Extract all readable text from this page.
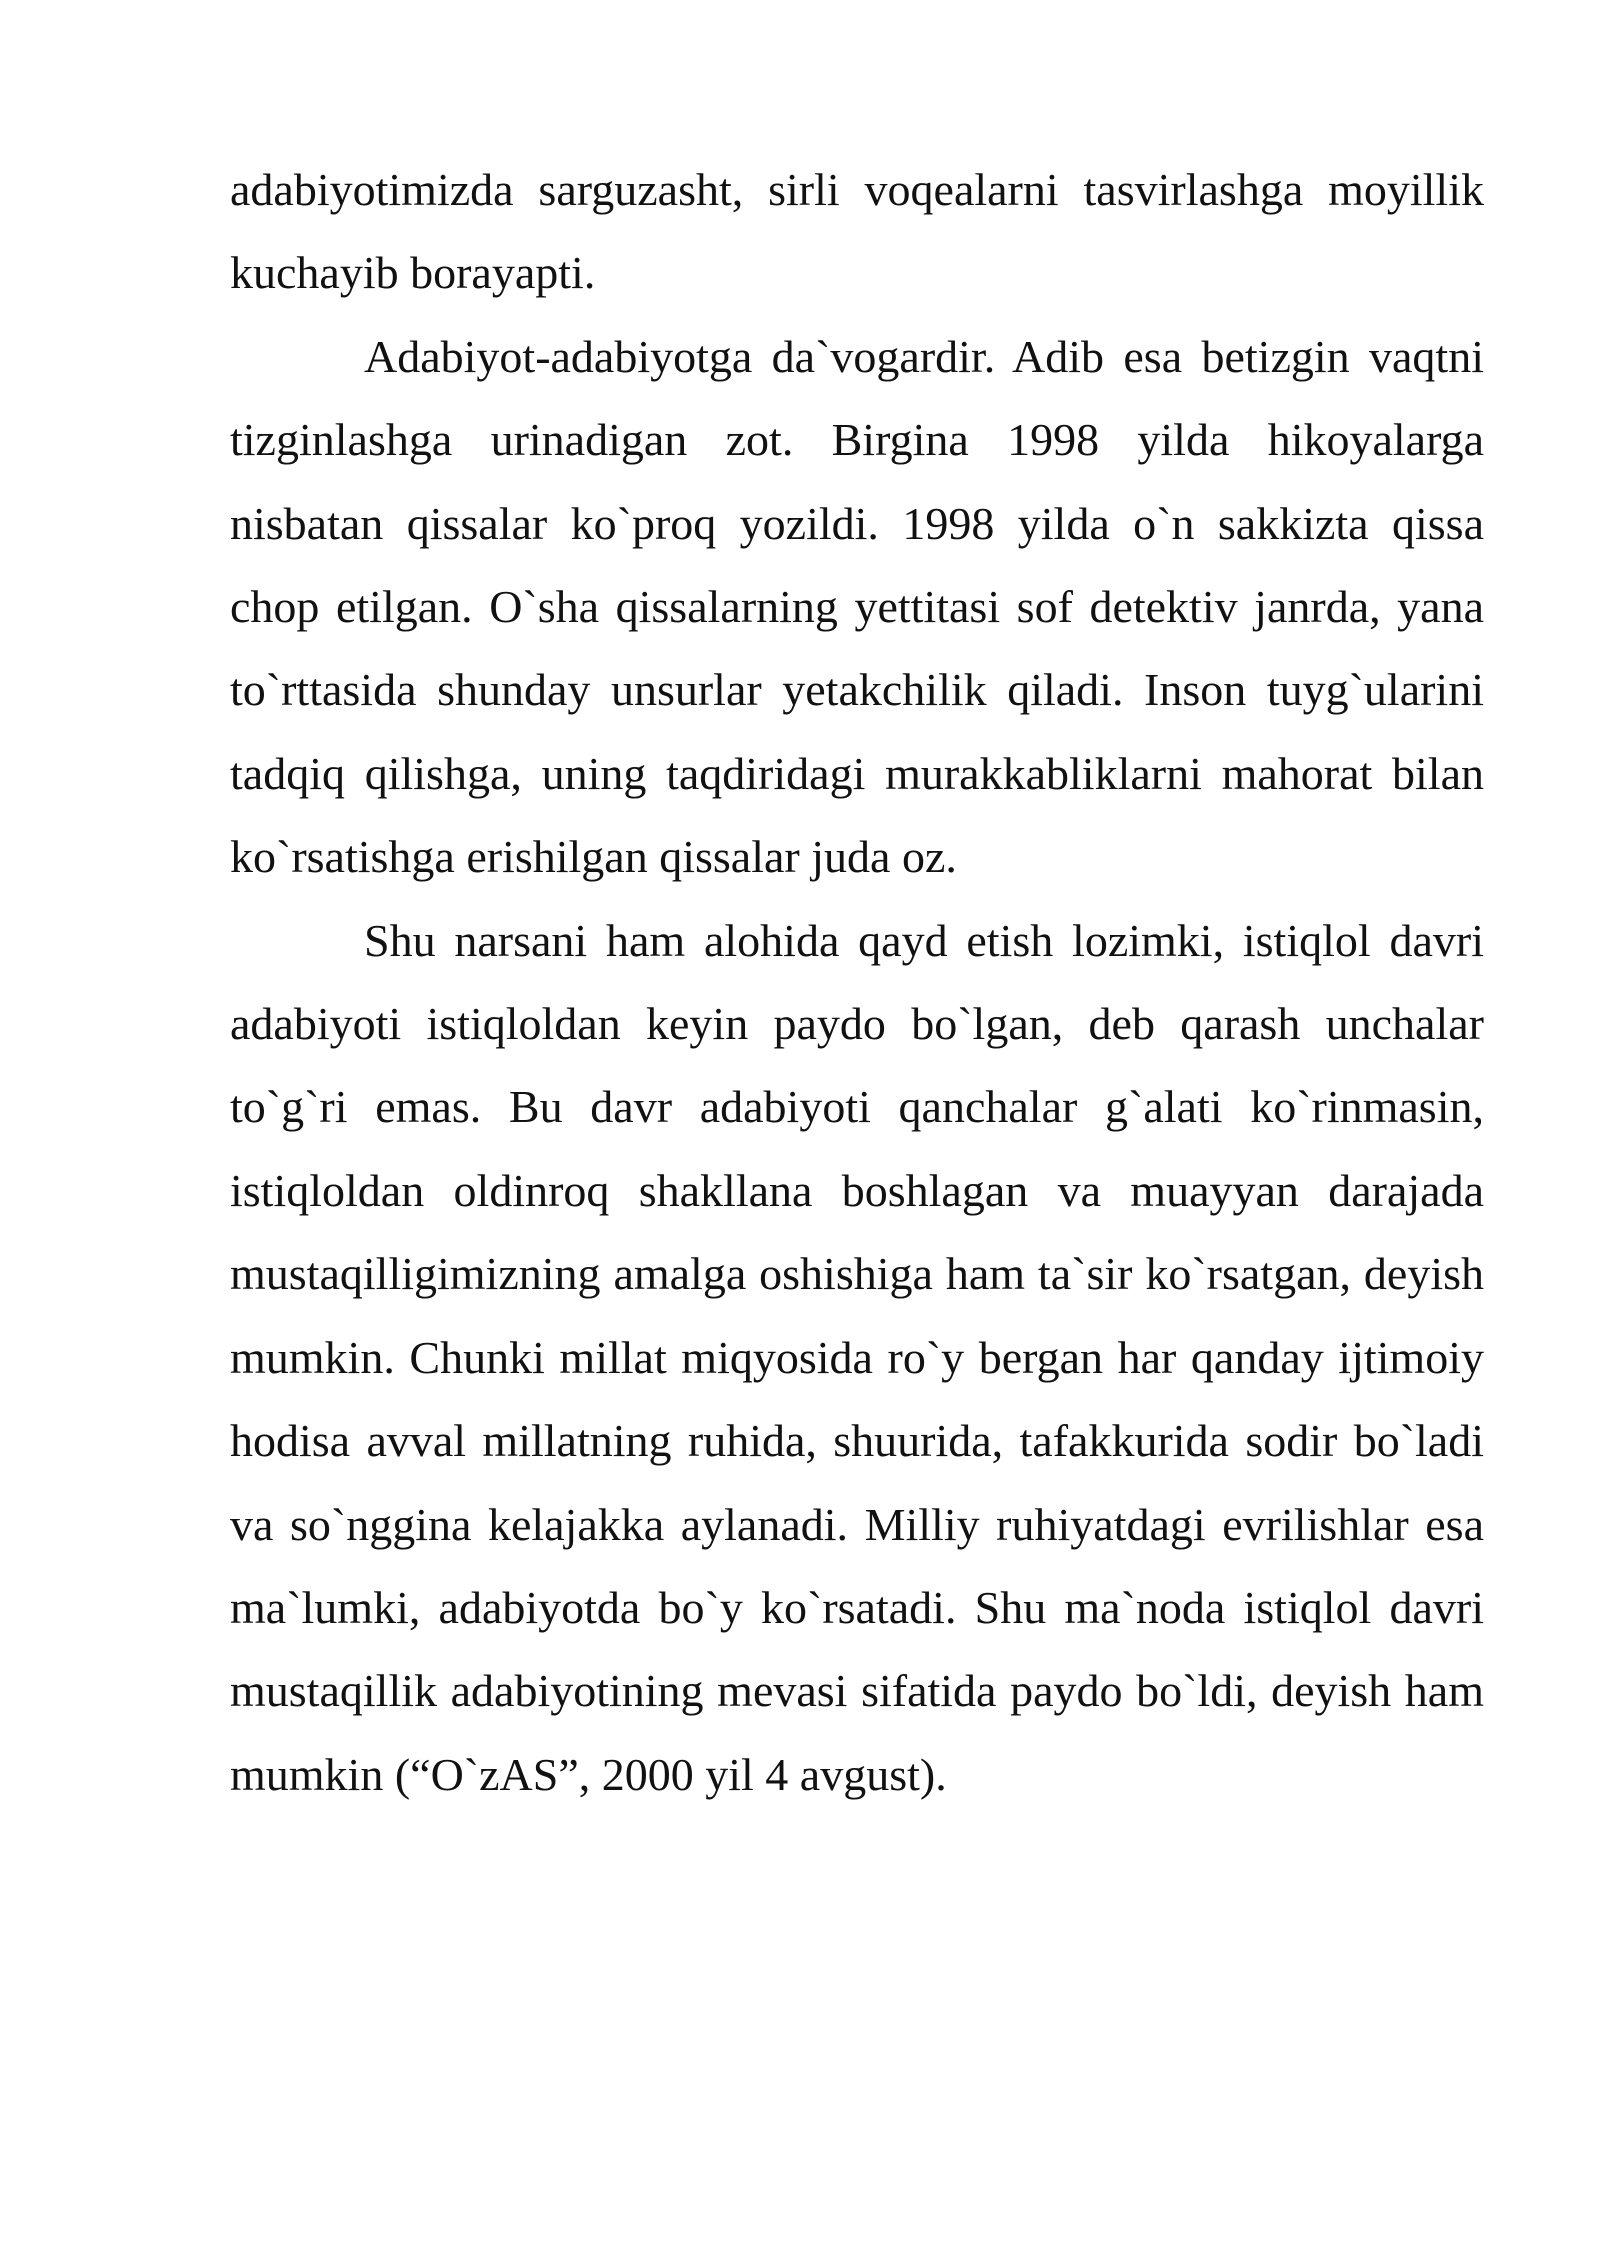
adabiyotimizda sarguzasht, sirli voqealarni tasvirlashga moyillik kuchayib borayapti.

Adabiyot-adabiyotga da`vogardir. Adib esa betizgin vaqtni tizginlashga urinadigan zot. Birgina 1998 yilda hikoyalarga nisbatan qissalar ko`proq yozildi. 1998 yilda o`n sakkizta qissa chop etilgan. O`sha qissalarning yettitasi sof detektiv janrda, yana to`rttasida shunday unsurlar yetakchilik qiladi. Inson tuyg`ularini tadqiq qilishga, uning taqdiridagi murakkabliklarni mahorat bilan ko`rsatishga erishilgan qissalar juda oz.

Shu narsani ham alohida qayd etish lozimki, istiqlol davri adabiyoti istiqloldan keyin paydo bo`lgan, deb qarash unchalar to`g`ri emas. Bu davr adabiyoti qanchalar g`alati ko`rinmasin, istiqloldan oldinroq shakllana boshlagan va muayyan darajada mustaqilligimizning amalga oshishiga ham ta`sir ko`rsatgan, deyish mumkin. Chunki millat miqyosida ro`y bergan har qanday ijtimoiy hodisa avval millatning ruhida, shuurida, tafakkurida sodir bo`ladi va so`nggina kelajakka aylanadi. Milliy ruhiyatdagi evrilishlar esa ma`lumki, adabiyotda bo`y ko`rsatadi. Shu ma`noda istiqlol davri mustaqillik adabiyotining mevasi sifatida paydo bo`ldi, deyish ham mumkin (“O`zAS”, 2000 yil 4 avgust).
